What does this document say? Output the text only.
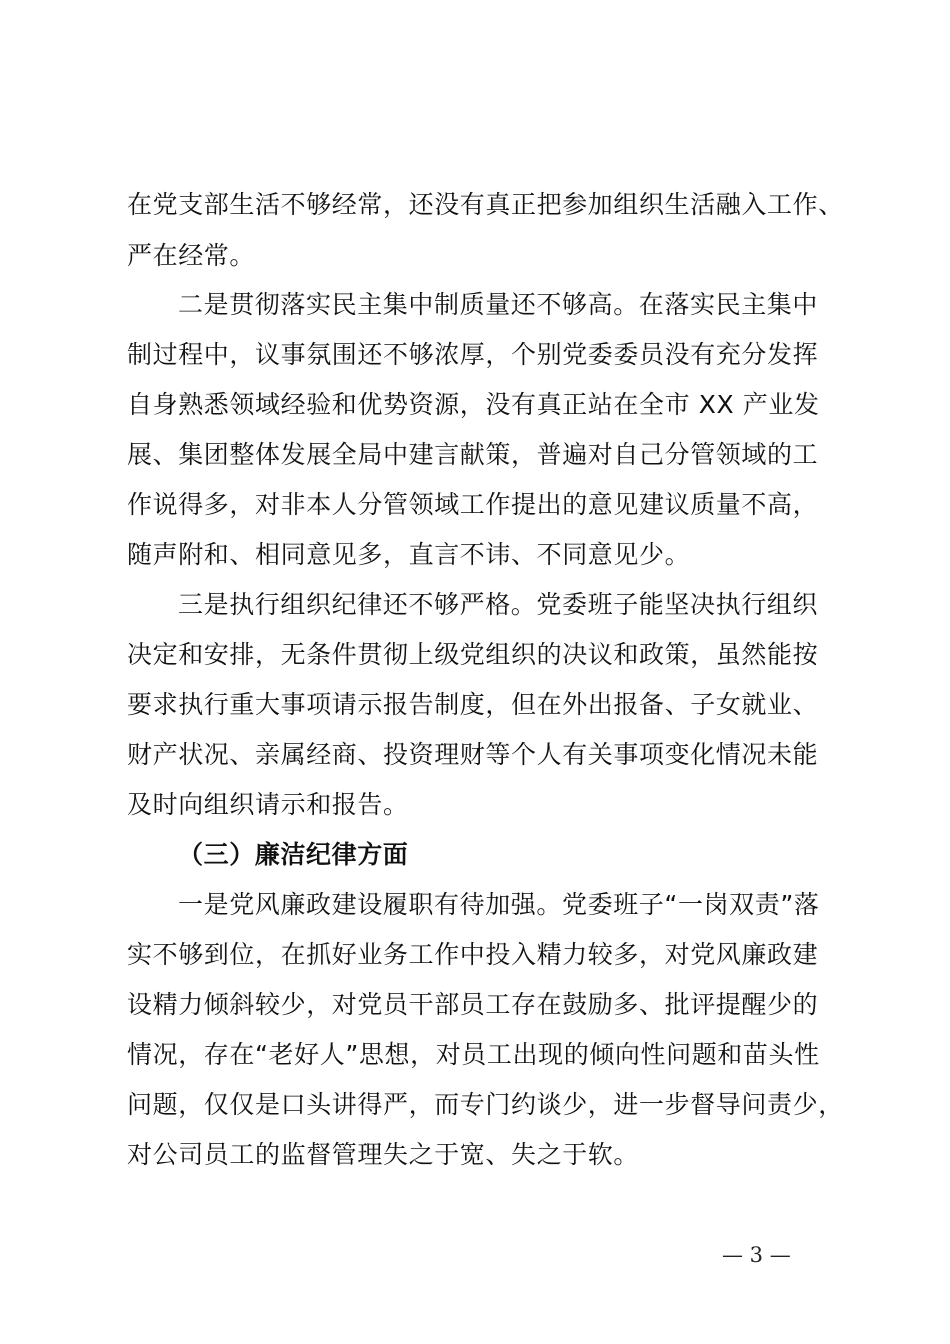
在党支部生活不够经常，还没有真正把参加组织生活融入工作、
严在经常。
二是贯彻落实民主集中制质量还不够高。在落实民主集中
制过程中，议事氛围还不够浓厚，个别党委委员没有充分发挥
自身熟悉领域经验和优势资源，没有真正站在全市 XX 产业发
展、集团整体发展全局中建言献策，普遍对自己分管领域的工
作说得多，对非本人分管领域工作提出的意见建议质量不高，
随声附和、相同意见多，直言不讳、不同意见少。
三是执行组织纪律还不够严格。党委班子能坚决执行组织
决定和安排，无条件贯彻上级党组织的决议和政策，虽然能按
要求执行重大事项请示报告制度，但在外出报备、子女就业、
财产状况、亲属经商、投资理财等个人有关事项变化情况未能
及时向组织请示和报告。
（三）廉洁纪律方面
一是党风廉政建设履职有待加强。党委班子“一岗双责”落
实不够到位，在抓好业务工作中投入精力较多，对党风廉政建
设精力倾斜较少，对党员干部员工存在鼓励多、批评提醒少的
情况，存在“老好人”思想，对员工出现的倾向性问题和苗头性
问题，仅仅是口头讲得严，而专门约谈少，进一步督导问责少，
对公司员工的监督管理失之于宽、失之于软。
— 3 —
